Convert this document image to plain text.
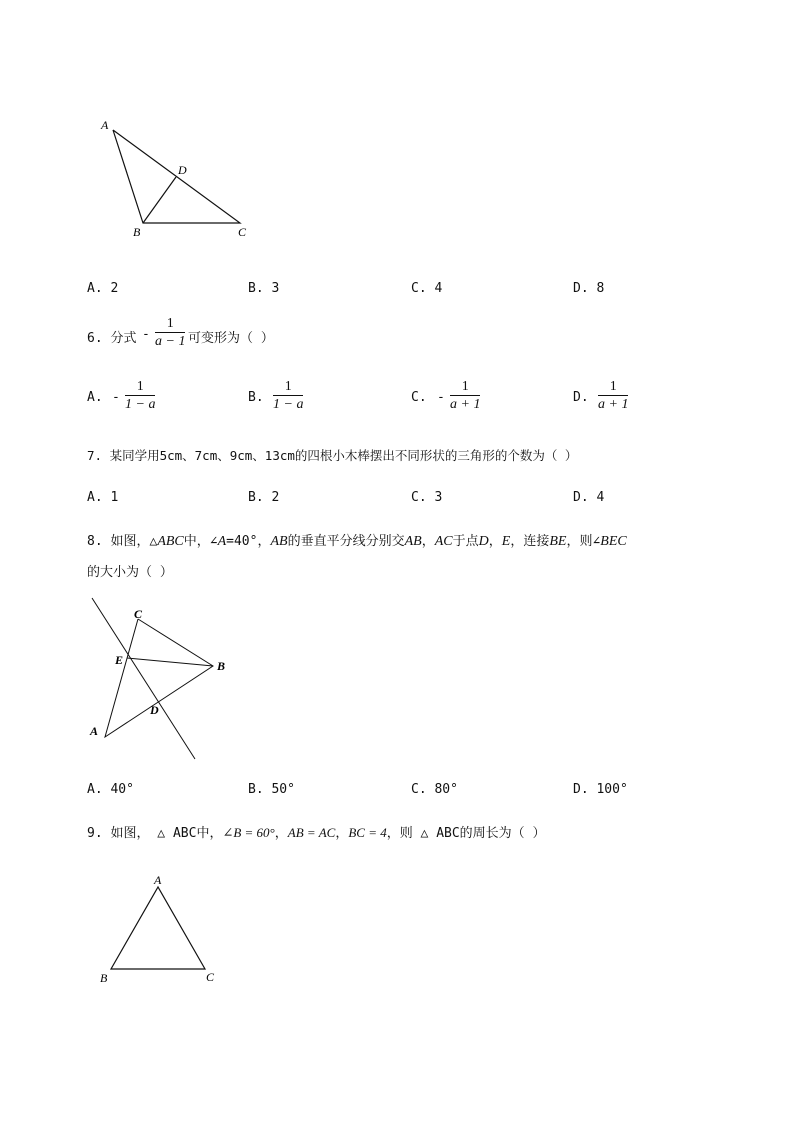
A
B	C
D
A. 2	B. 3	C. 4	D. 8
6. 分式 -
1
a − 1 可变形为（ ）
A. -
1
1 − a	B.
1
1 − a	C. -
1
a + 1	D.
1
a + 1
7. 某同学用5cm、7cm、9cm、13cm的四根小木棒摆出不同形状的三角形的个数为（ ）
A. 1	B. 2	C. 3	D. 4
8. 如图，△ABC中，∠A=40°，AB的垂直平分线分别交AB，AC于点D，E，连接BE，则∠BEC
的大小为（ ）
C
E	B
D
A
A. 40°	B. 50°	C. 80°	D. 100°
9. 如图， △ ABC中，∠B = 60°，AB = AC，BC = 4，则 △ ABC的周长为（ ）
A
B	C
